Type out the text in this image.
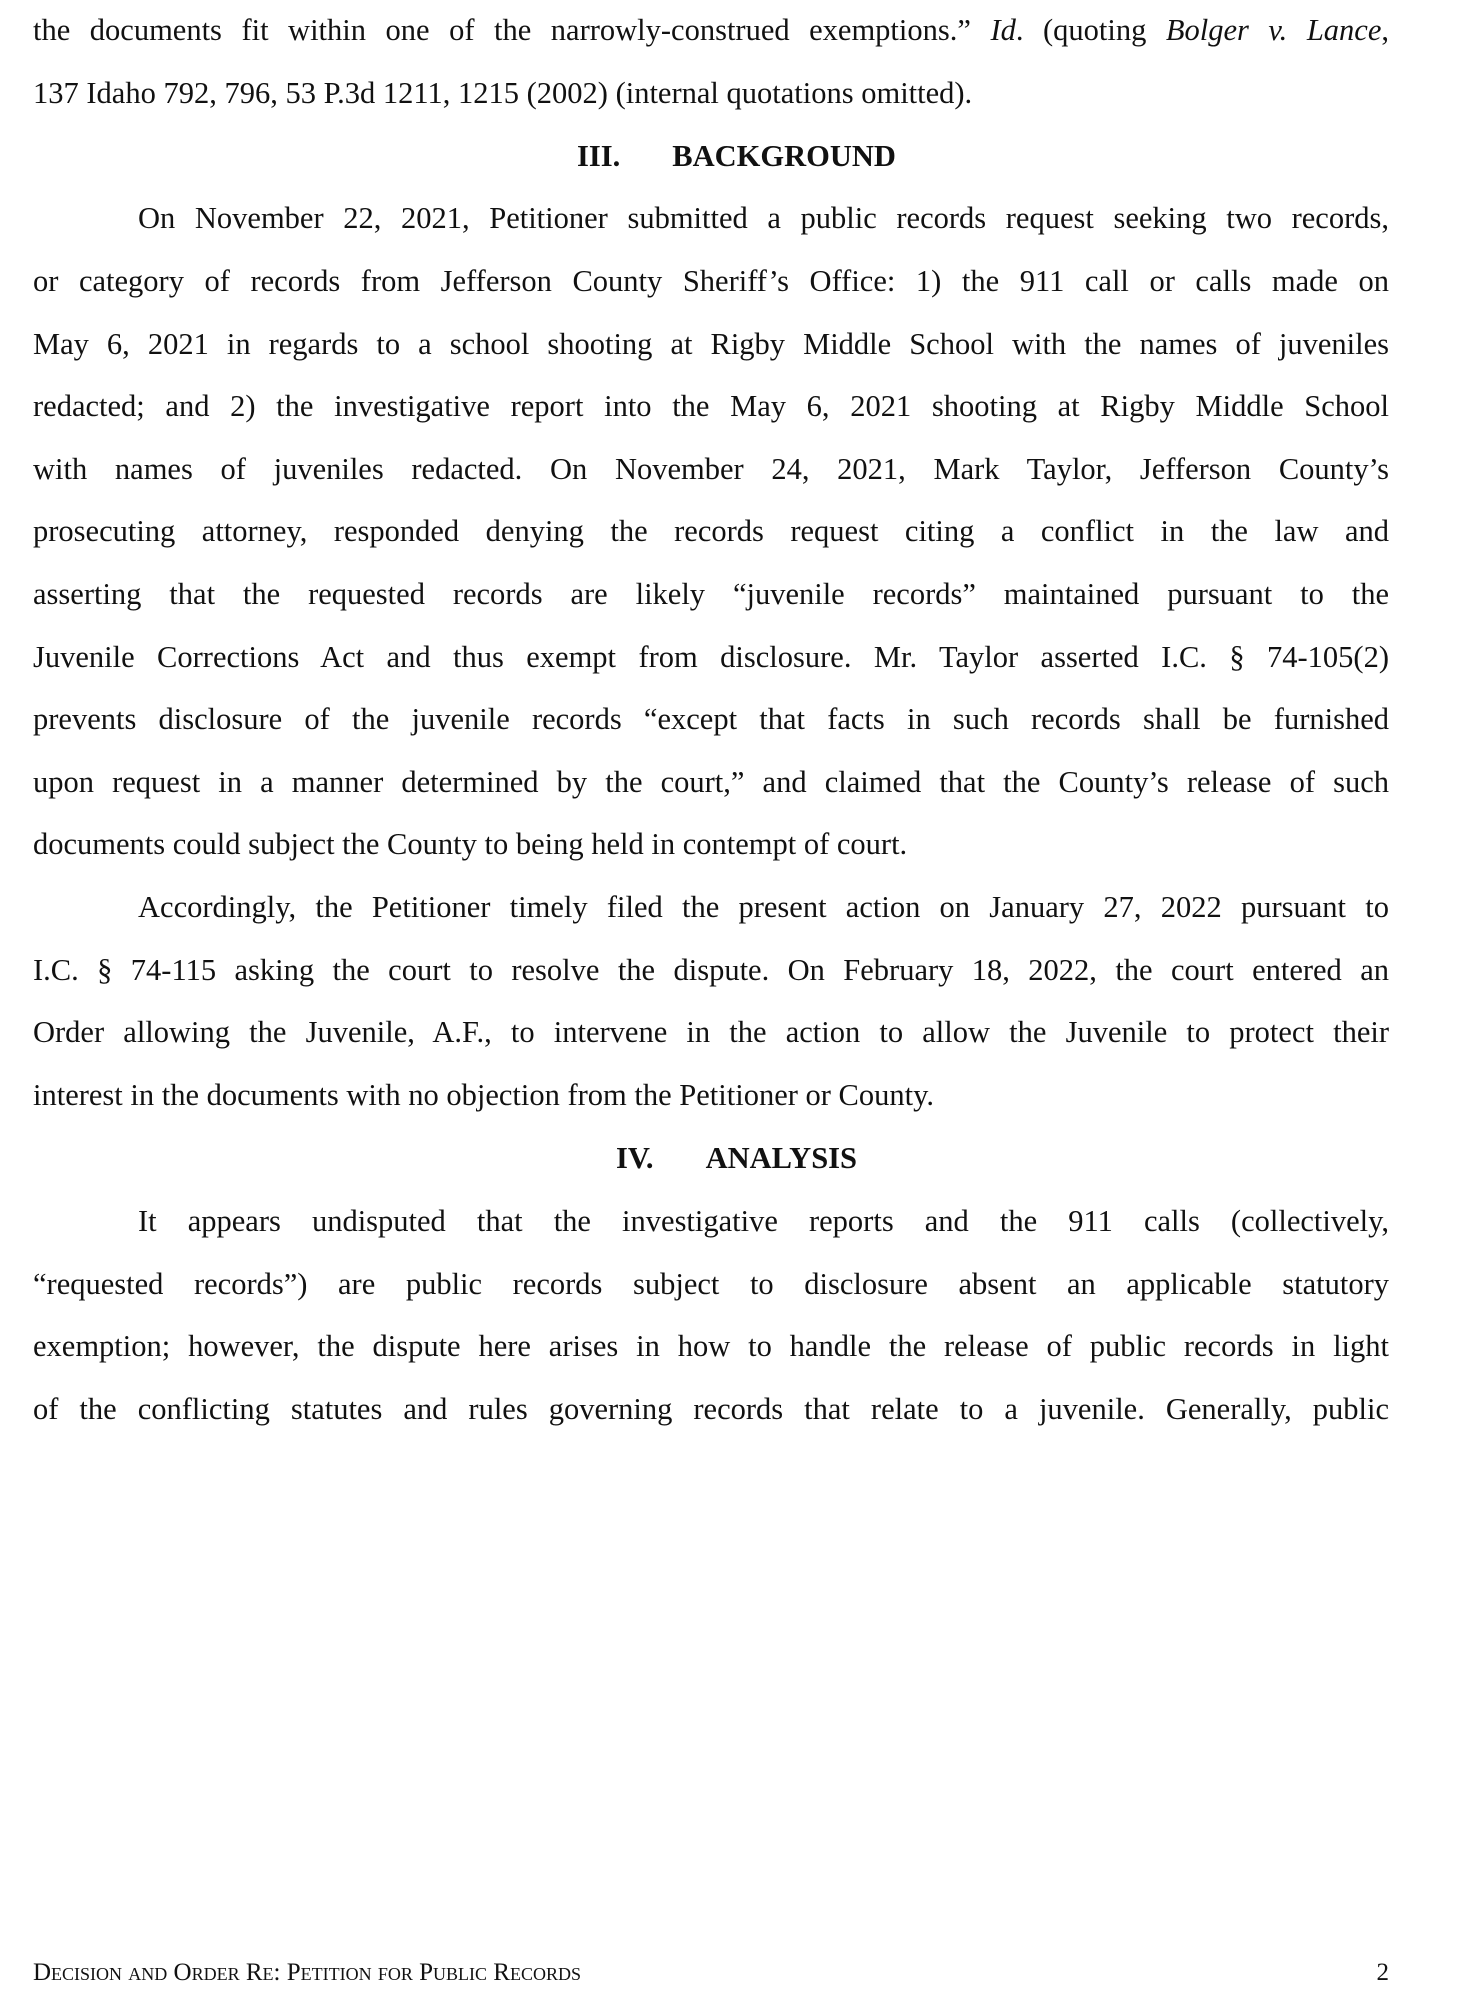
the documents fit within one of the narrowly-construed exemptions.” Id. (quoting Bolger v. Lance,
137 Idaho 792, 796, 53 P.3d 1211, 1215 (2002) (internal quotations omitted).
III. BACKGROUND
On November 22, 2021, Petitioner submitted a public records request seeking two records,
or category of records from Jefferson County Sheriff’s Office: 1) the 911 call or calls made on
May 6, 2021 in regards to a school shooting at Rigby Middle School with the names of juveniles
redacted; and 2) the investigative report into the May 6, 2021 shooting at Rigby Middle School
with names of juveniles redacted. On November 24, 2021, Mark Taylor, Jefferson County’s
prosecuting attorney, responded denying the records request citing a conflict in the law and
asserting that the requested records are likely “juvenile records” maintained pursuant to the
Juvenile Corrections Act and thus exempt from disclosure. Mr. Taylor asserted I.C. § 74-105(2)
prevents disclosure of the juvenile records “except that facts in such records shall be furnished
upon request in a manner determined by the court,” and claimed that the County’s release of such
documents could subject the County to being held in contempt of court.
Accordingly, the Petitioner timely filed the present action on January 27, 2022 pursuant to
I.C. § 74-115 asking the court to resolve the dispute. On February 18, 2022, the court entered an
Order allowing the Juvenile, A.F., to intervene in the action to allow the Juvenile to protect their
interest in the documents with no objection from the Petitioner or County.
IV. ANALYSIS
It appears undisputed that the investigative reports and the 911 calls (collectively,
“requested records”) are public records subject to disclosure absent an applicable statutory
exemption; however, the dispute here arises in how to handle the release of public records in light
of the conflicting statutes and rules governing records that relate to a juvenile. Generally, public
Decision and Order Re: Petition for Public Records	2
